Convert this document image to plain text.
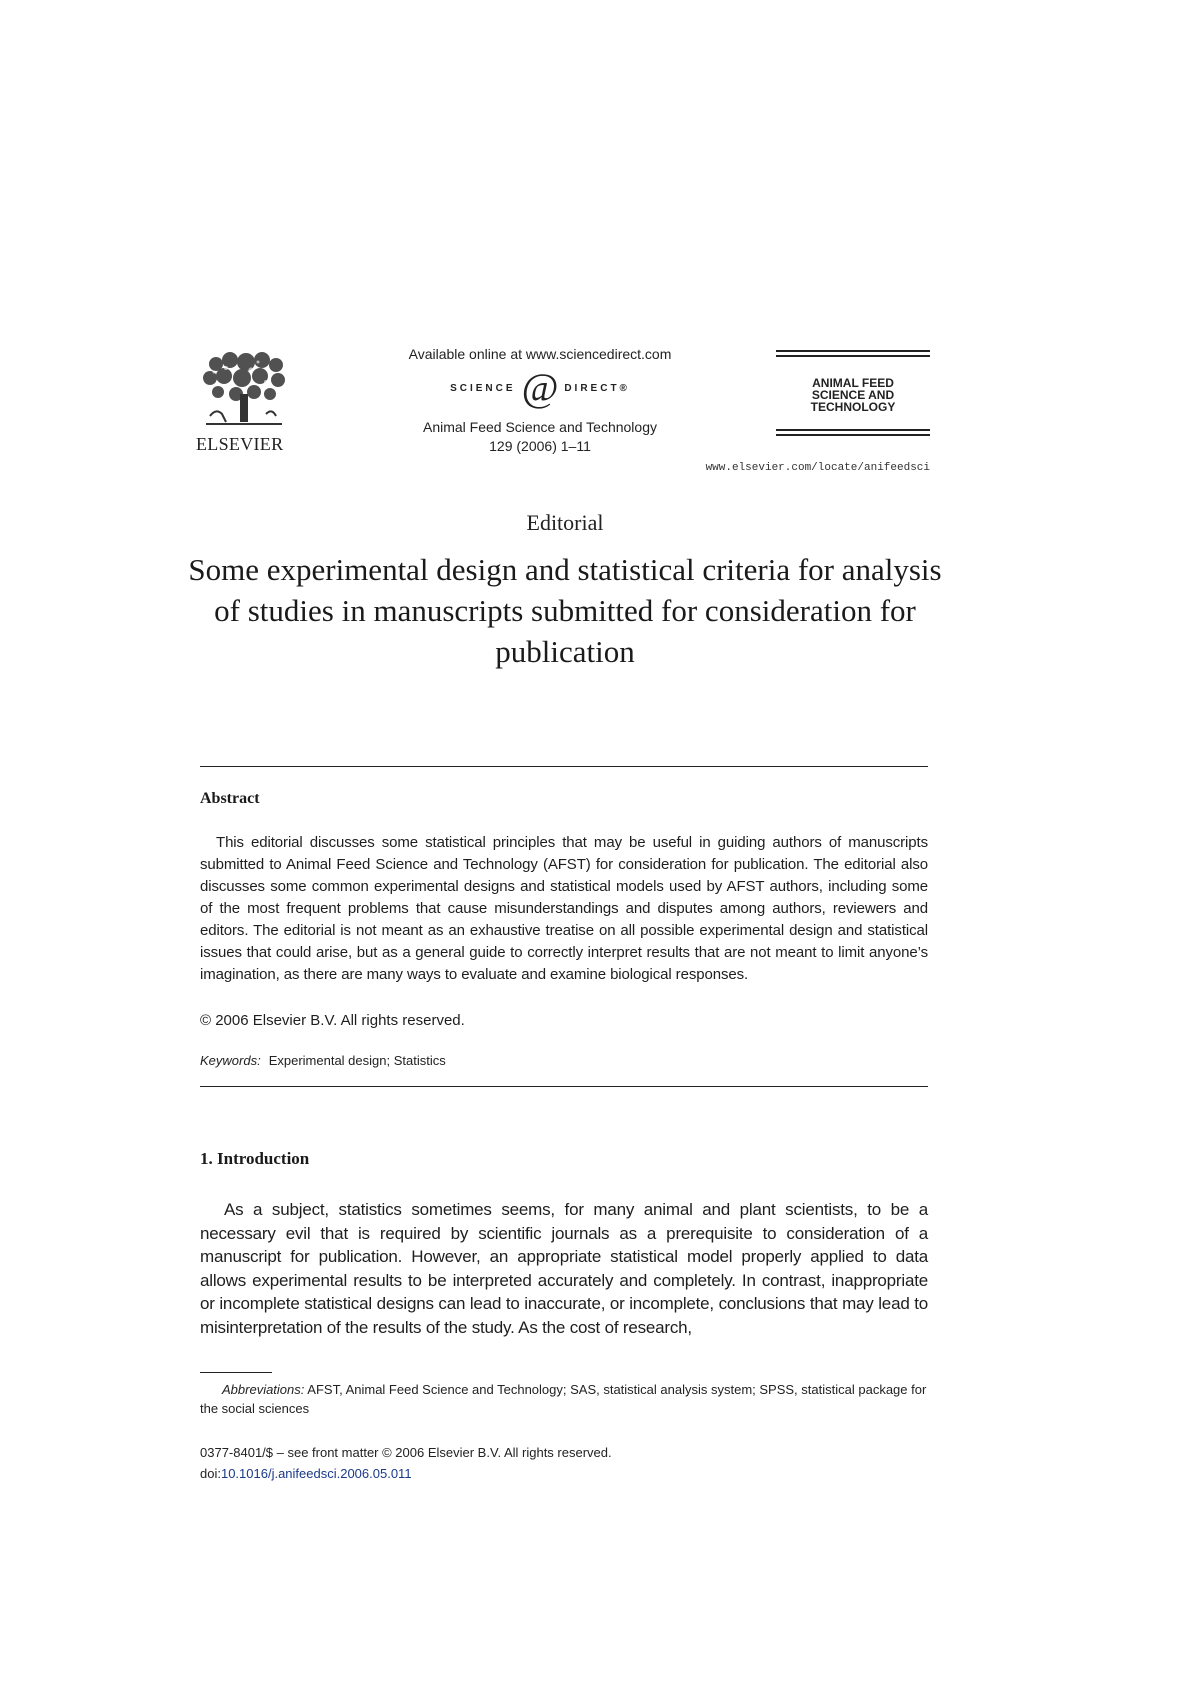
ELSEVIER
Available online at www.sciencedirect.com
SCIENCE @ DIRECT®
Animal Feed Science and Technology
129 (2006) 1–11
ANIMAL FEED
SCIENCE AND
TECHNOLOGY
www.elsevier.com/locate/anifeedsci
Editorial
Some experimental design and statistical criteria for analysis of studies in manuscripts submitted for consideration for publication
Abstract

This editorial discusses some statistical principles that may be useful in guiding authors of manuscripts submitted to Animal Feed Science and Technology (AFST) for consideration for publication. The editorial also discusses some common experimental designs and statistical models used by AFST authors, including some of the most frequent problems that cause misunderstandings and disputes among authors, reviewers and editors. The editorial is not meant as an exhaustive treatise on all possible experimental design and statistical issues that could arise, but as a general guide to correctly interpret results that are not meant to limit anyone’s imagination, as there are many ways to evaluate and examine biological responses.

© 2006 Elsevier B.V. All rights reserved.
Keywords: Experimental design; Statistics
1. Introduction

As a subject, statistics sometimes seems, for many animal and plant scientists, to be a necessary evil that is required by scientific journals as a prerequisite to consideration of a manuscript for publication. However, an appropriate statistical model properly applied to data allows experimental results to be interpreted accurately and completely. In contrast, inappropriate or incomplete statistical designs can lead to inaccurate, or incomplete, conclusions that may lead to misinterpretation of the results of the study. As the cost of research,

Abbreviations: AFST, Animal Feed Science and Technology; SAS, statistical analysis system; SPSS, statistical package for the social sciences
0377-8401/$ – see front matter © 2006 Elsevier B.V. All rights reserved.
doi:10.1016/j.anifeedsci.2006.05.011
